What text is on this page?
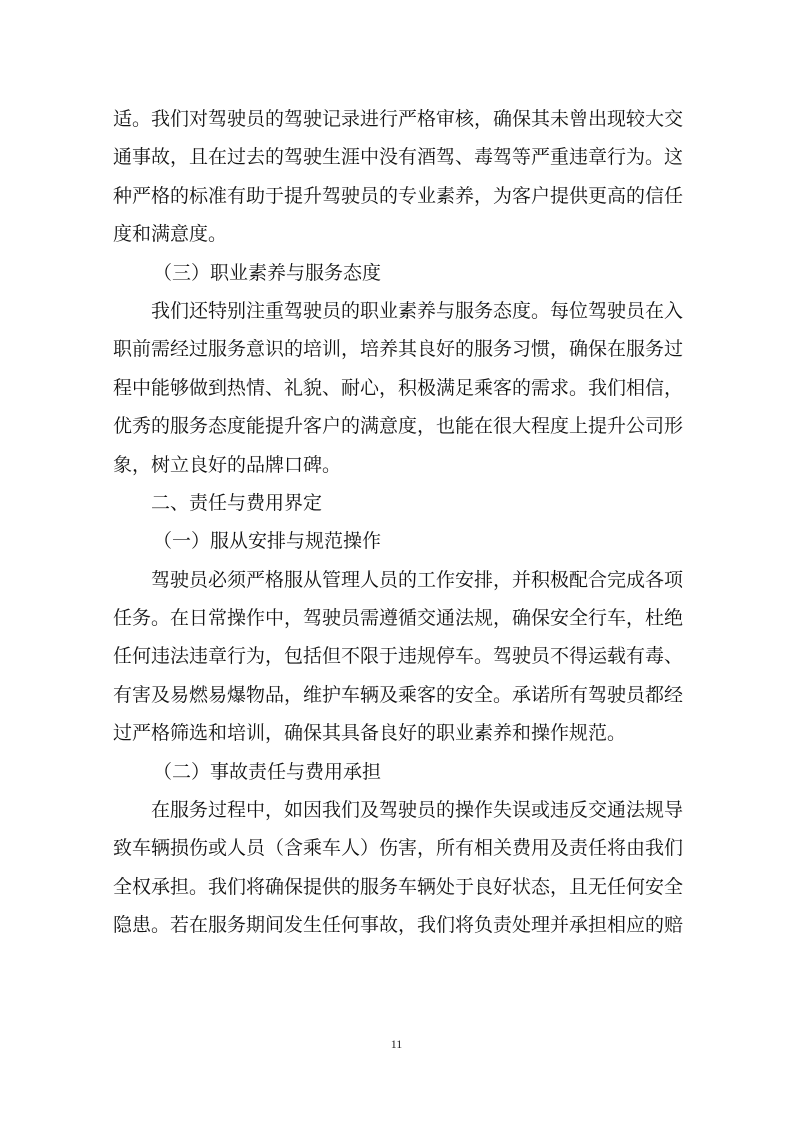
适。我们对驾驶员的驾驶记录进行严格审核，确保其未曾出现较大交
通事故，且在过去的驾驶生涯中没有酒驾、毒驾等严重违章行为。这
种严格的标准有助于提升驾驶员的专业素养，为客户提供更高的信任
度和满意度。
（三）职业素养与服务态度
我们还特别注重驾驶员的职业素养与服务态度。每位驾驶员在入
职前需经过服务意识的培训，培养其良好的服务习惯，确保在服务过
程中能够做到热情、礼貌、耐心，积极满足乘客的需求。我们相信，
优秀的服务态度能提升客户的满意度，也能在很大程度上提升公司形
象，树立良好的品牌口碑。
二、责任与费用界定
（一）服从安排与规范操作
驾驶员必须严格服从管理人员的工作安排，并积极配合完成各项
任务。在日常操作中，驾驶员需遵循交通法规，确保安全行车，杜绝
任何违法违章行为，包括但不限于违规停车。驾驶员不得运载有毒、
有害及易燃易爆物品，维护车辆及乘客的安全。承诺所有驾驶员都经
过严格筛选和培训，确保其具备良好的职业素养和操作规范。
（二）事故责任与费用承担
在服务过程中，如因我们及驾驶员的操作失误或违反交通法规导
致车辆损伤或人员（含乘车人）伤害，所有相关费用及责任将由我们
全权承担。我们将确保提供的服务车辆处于良好状态，且无任何安全
隐患。若在服务期间发生任何事故，我们将负责处理并承担相应的赔
11
